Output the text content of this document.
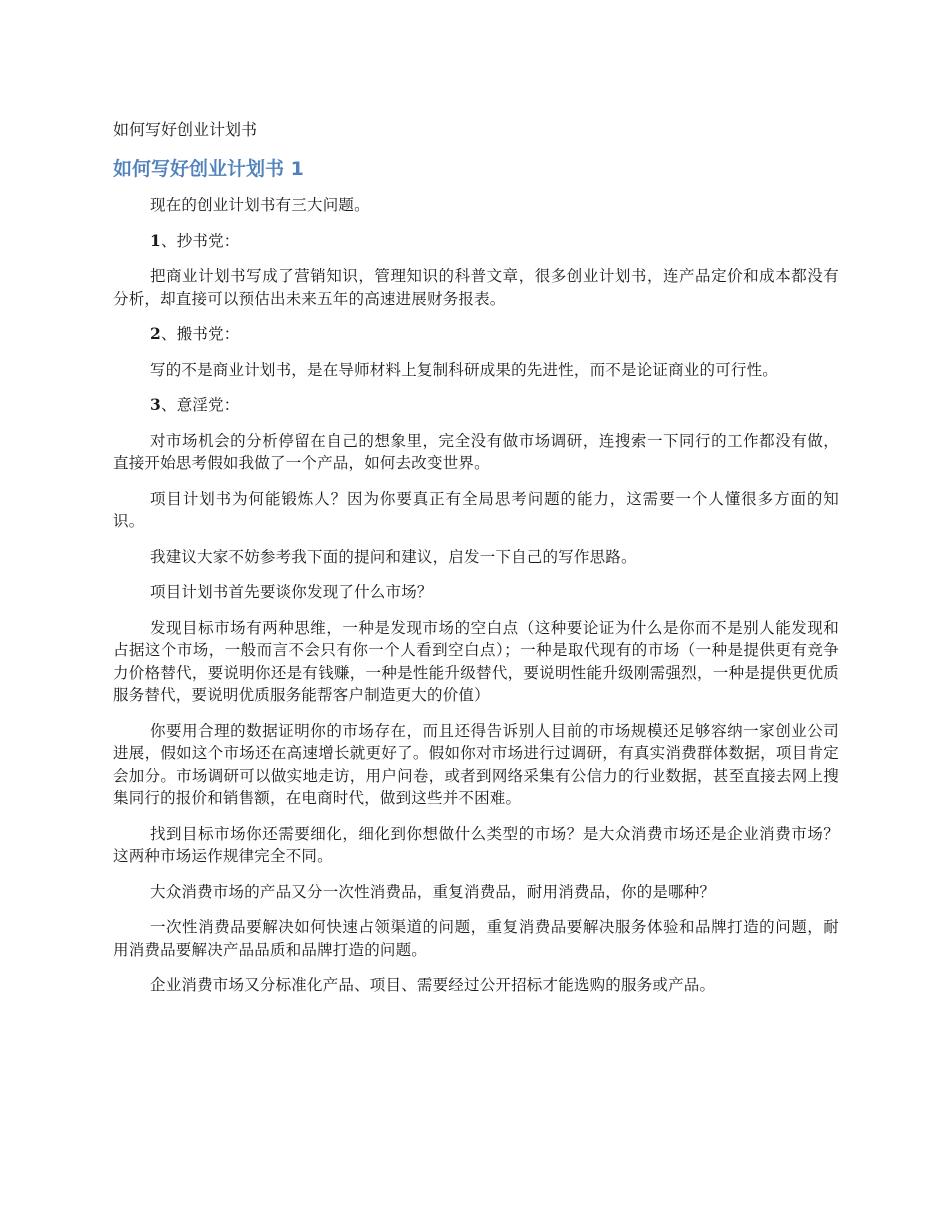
如何写好创业计划书

如何写好创业计划书 1

现在的创业计划书有三大问题。

1、抄书党：

把商业计划书写成了营销知识，管理知识的科普文章，很多创业计划书，连产品定价和成本都没有分析，却直接可以预估出未来五年的高速进展财务报表。

2、搬书党：

写的不是商业计划书，是在导师材料上复制科研成果的先进性，而不是论证商业的可行性。

3、意淫党：

对市场机会的分析停留在自己的想象里，完全没有做市场调研，连搜索一下同行的工作都没有做，直接开始思考假如我做了一个产品，如何去改变世界。

项目计划书为何能锻炼人？因为你要真正有全局思考问题的能力，这需要一个人懂很多方面的知识。

我建议大家不妨参考我下面的提问和建议，启发一下自己的写作思路。

项目计划书首先要谈你发现了什么市场？

发现目标市场有两种思维，一种是发现市场的空白点（这种要论证为什么是你而不是别人能发现和占据这个市场，一般而言不会只有你一个人看到空白点）；一种是取代现有的市场（一种是提供更有竞争力价格替代，要说明你还是有钱赚，一种是性能升级替代，要说明性能升级刚需强烈，一种是提供更优质服务替代，要说明优质服务能帮客户制造更大的价值）

你要用合理的数据证明你的市场存在，而且还得告诉别人目前的市场规模还足够容纳一家创业公司进展，假如这个市场还在高速增长就更好了。假如你对市场进行过调研，有真实消费群体数据，项目肯定会加分。市场调研可以做实地走访，用户问卷，或者到网络采集有公信力的行业数据，甚至直接去网上搜集同行的报价和销售额，在电商时代，做到这些并不困难。

找到目标市场你还需要细化，细化到你想做什么类型的市场？是大众消费市场还是企业消费市场？这两种市场运作规律完全不同。

大众消费市场的产品又分一次性消费品，重复消费品，耐用消费品，你的是哪种？

一次性消费品要解决如何快速占领渠道的问题，重复消费品要解决服务体验和品牌打造的问题，耐用消费品要解决产品品质和品牌打造的问题。

企业消费市场又分标准化产品、项目、需要经过公开招标才能选购的服务或产品。
